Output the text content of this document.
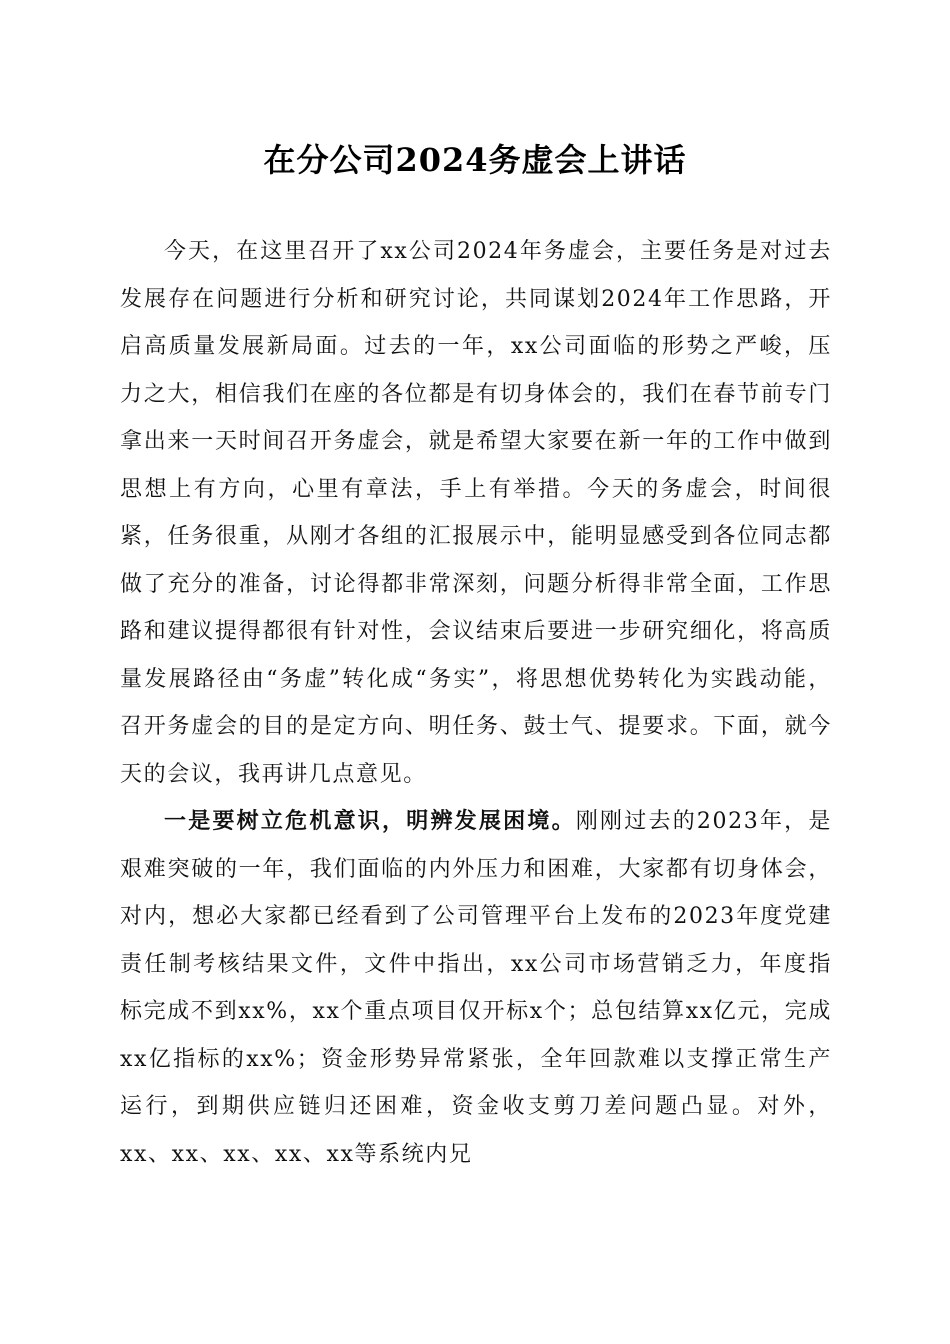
在分公司2024务虚会上讲话

今天，在这里召开了xx公司2024年务虚会，主要任务是对过去发展存在问题进行分析和研究讨论，共同谋划2024年工作思路，开启高质量发展新局面。过去的一年，xx公司面临的形势之严峻，压力之大，相信我们在座的各位都是有切身体会的，我们在春节前专门拿出来一天时间召开务虚会，就是希望大家要在新一年的工作中做到思想上有方向，心里有章法，手上有举措。今天的务虚会，时间很紧，任务很重，从刚才各组的汇报展示中，能明显感受到各位同志都做了充分的准备，讨论得都非常深刻，问题分析得非常全面，工作思路和建议提得都很有针对性，会议结束后要进一步研究细化，将高质量发展路径由“务虚”转化成“务实”，将思想优势转化为实践动能，召开务虚会的目的是定方向、明任务、鼓士气、提要求。下面，就今天的会议，我再讲几点意见。

一是要树立危机意识，明辨发展困境。刚刚过去的2023年，是艰难突破的一年，我们面临的内外压力和困难，大家都有切身体会，对内，想必大家都已经看到了公司管理平台上发布的2023年度党建责任制考核结果文件，文件中指出，xx公司市场营销乏力，年度指标完成不到xx%，xx个重点项目仅开标x个；总包结算xx亿元，完成xx亿指标的xx%；资金形势异常紧张，全年回款难以支撑正常生产运行，到期供应链归还困难，资金收支剪刀差问题凸显。对外，xx、xx、xx、xx、xx等系统内兄
